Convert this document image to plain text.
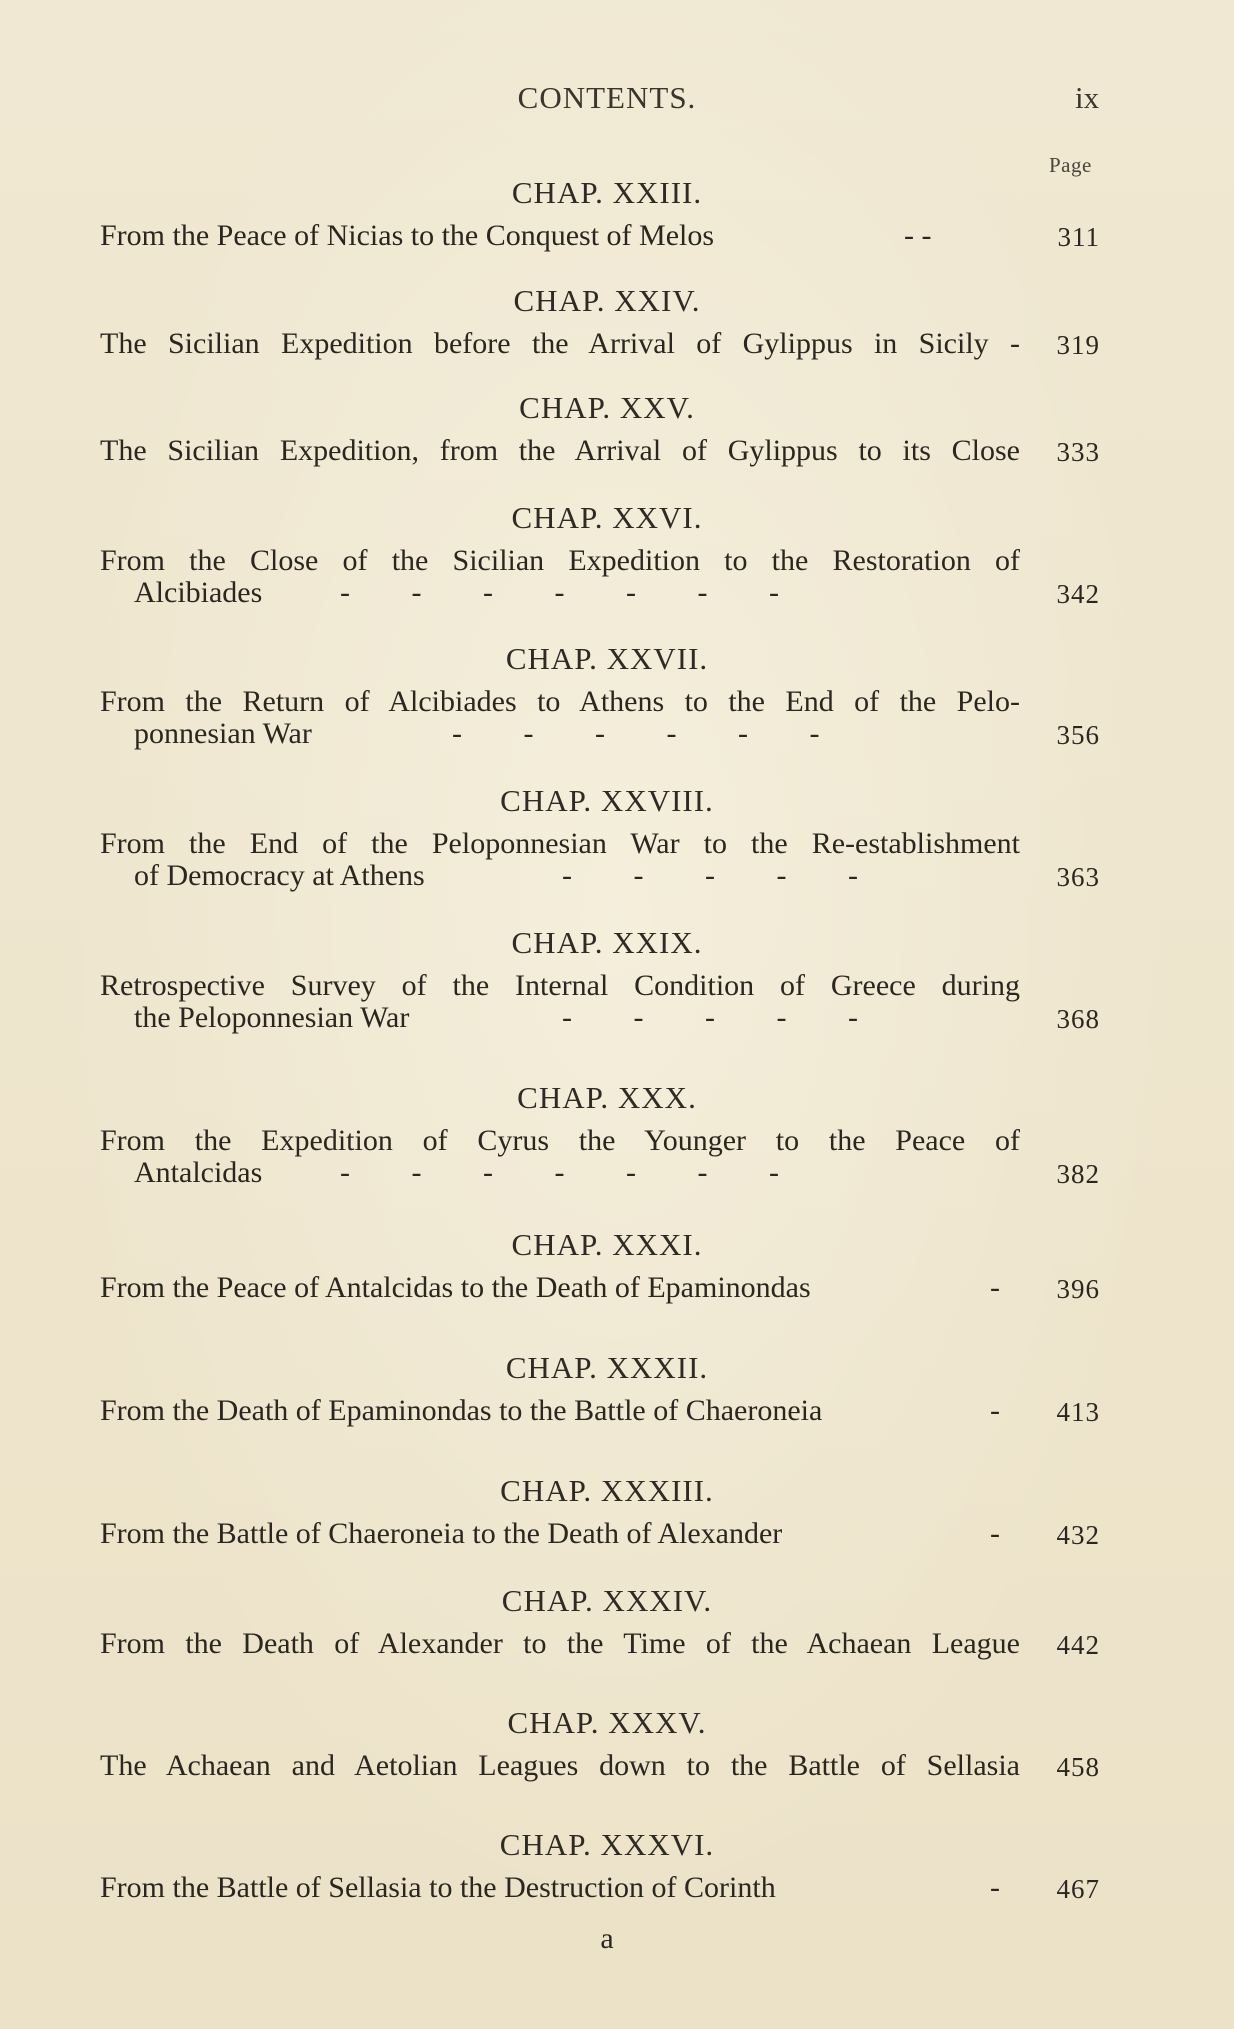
CONTENTS.	ix
Page
CHAP. XXIII.
From the Peace of Nicias to the Conquest of Melos	- -	311
CHAP. XXIV.
The Sicilian Expedition before the Arrival of Gylippus in Sicily - 319
CHAP. XXV.
The Sicilian Expedition, from the Arrival of Gylippus to its Close 333
CHAP. XXVI.
From the Close of the Sicilian Expedition to the Restoration of
Alcibiades	- - - - - - -	342
CHAP. XXVII.
From the Return of Alcibiades to Athens to the End of the Pelo-
ponnesian War	- - - - - -	356
CHAP. XXVIII.
From the End of the Peloponnesian War to the Re-establishment
of Democracy at Athens	- - - - -	363
CHAP. XXIX.
Retrospective Survey of the Internal Condition of Greece during
the Peloponnesian War	- - - - -	368
CHAP. XXX.
From the Expedition of Cyrus the Younger to the Peace of
Antalcidas	- - - - - - -	382
CHAP. XXXI.
From the Peace of Antalcidas to the Death of Epaminondas	- 396
CHAP. XXXII.
From the Death of Epaminondas to the Battle of Chaeroneia	- 413
CHAP. XXXIII.
From the Battle of Chaeroneia to the Death of Alexander	- 432
CHAP. XXXIV.
From the Death of Alexander to the Time of the Achaean League 442
CHAP. XXXV.
The Achaean and Aetolian Leagues down to the Battle of Sellasia 458
CHAP. XXXVI.
From the Battle of Sellasia to the Destruction of Corinth	- 467
a
